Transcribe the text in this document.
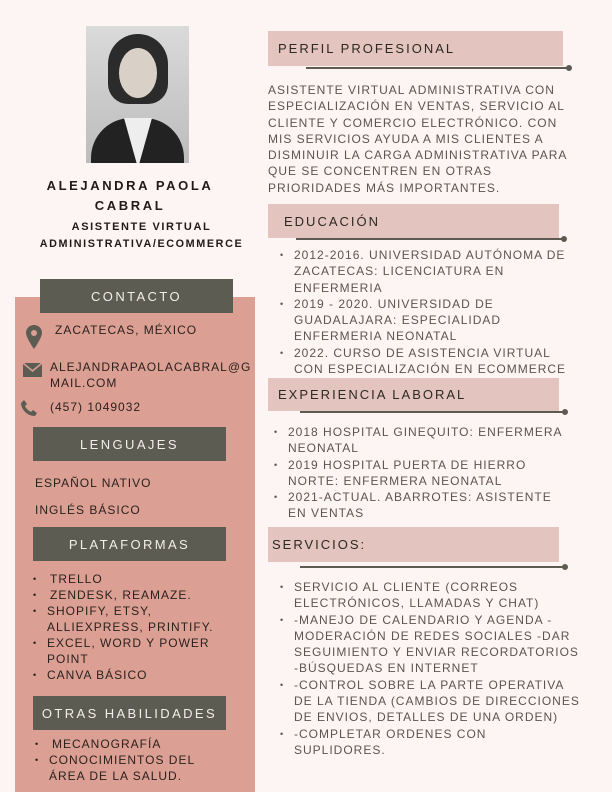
ALEJANDRA PAOLA
CABRAL
ASISTENTE VIRTUAL
ADMINISTRATIVA/ECOMMERCE
CONTACTO
ZACATECAS, MÉXICO
ALEJANDRAPAOLACABRAL@GMAIL.COM
(457) 1049032
LENGUAJES
ESPAÑOL NATIVO
INGLÉS BÁSICO
PLATAFORMAS
• TRELLO
• ZENDESK, REAMAZE.
• SHOPIFY, ETSY, ALLIEXPRESS, PRINTIFY.
• EXCEL, WORD Y POWER POINT
• CANVA BÁSICO
OTRAS HABILIDADES
• MECANOGRAFÍA
• CONOCIMIENTOS DEL ÁREA DE LA SALUD.
PERFIL PROFESIONAL
ASISTENTE VIRTUAL ADMINISTRATIVA CON ESPECIALIZACIÓN EN VENTAS, SERVICIO AL CLIENTE Y COMERCIO ELECTRÓNICO. CON MIS SERVICIOS AYUDA A MIS CLIENTES A DISMINUIR LA CARGA ADMINISTRATIVA PARA QUE SE CONCENTREN EN OTRAS PRIORIDADES MÁS IMPORTANTES.
EDUCACIÓN
• 2012-2016. UNIVERSIDAD AUTÓNOMA DE ZACATECAS: LICENCIATURA EN ENFERMERIA
• 2019 - 2020. UNIVERSIDAD DE GUADALAJARA: ESPECIALIDAD ENFERMERIA NEONATAL
• 2022. CURSO DE ASISTENCIA VIRTUAL CON ESPECIALIZACIÓN EN ECOMMERCE
EXPERIENCIA LABORAL
• 2018 HOSPITAL GINEQUITO: ENFERMERA NEONATAL
• 2019 HOSPITAL PUERTA DE HIERRO NORTE: ENFERMERA NEONATAL
• 2021-ACTUAL. ABARROTES: ASISTENTE EN VENTAS
SERVICIOS:
• SERVICIO AL CLIENTE (CORREOS ELECTRÓNICOS, LLAMADAS Y CHAT)
• -MANEJO DE CALENDARIO Y AGENDA - MODERACIÓN DE REDES SOCIALES -DAR SEGUIMIENTO Y ENVIAR RECORDATORIOS -BÚSQUEDAS EN INTERNET
• -CONTROL SOBRE LA PARTE OPERATIVA DE LA TIENDA (CAMBIOS DE DIRECCIONES DE ENVIOS, DETALLES DE UNA ORDEN)
• -COMPLETAR ORDENES CON SUPLIDORES.
